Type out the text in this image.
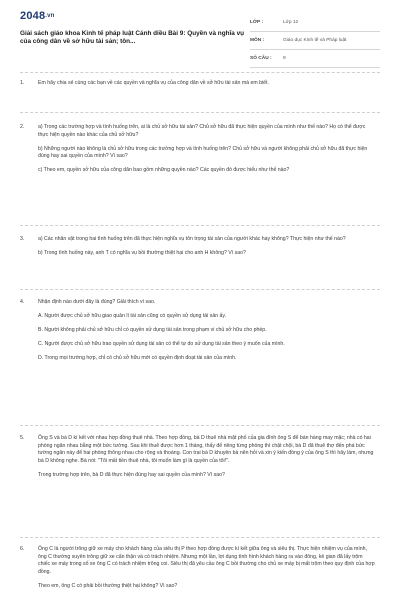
2048.vn
Giải sách giáo khoa Kinh tế pháp luật Cánh diều Bài 9: Quyền và nghĩa vụ của công dân về sở hữu tài sản; tôn...
LỚP :	Lớp 12
MÔN :	Giáo dục Kinh tế và Pháp luật
SỐ CÂU :	9
1.	Em hãy chia sẻ cùng các bạn về các quyền và nghĩa vụ của công dân về sở hữu tài sản mà em biết.

2.	a) Trong các trường hợp và tình huống trên, ai là chủ sở hữu tài sản? Chủ sở hữu đã thực hiện quyền của mình như thế nào? Họ có thể được thực hiện quyền nào khác của chủ sở hữu?

b) Những người nào không là chủ sở hữu trong các trường hợp và tình huống trên? Chủ sở hữu và người không phải chủ sở hữu đã thực hiện đúng hay sai quyền của mình? Vì sao?

c) Theo em, quyền sở hữu của công dân bao gồm những quyền nào? Các quyền đó được hiểu như thế nào?

3.	a) Các nhân vật trong hai tình huống trên đã thực hiện nghĩa vụ tôn trọng tài sản của người khác hay không? Thực hiện như thế nào?

b) Trong tình huống này, anh T có nghĩa vụ bồi thường thiệt hại cho anh H không? Vì sao?

4.	Nhận định nào dưới đây là đúng? Giải thích vì sao.

A. Người được chủ sở hữu giao quản lí tài sản cũng có quyền sử dụng tài sản ấy.

B. Người không phải chủ sở hữu chỉ có quyền sử dụng tài sản trong phạm vi chủ sở hữu cho phép.

C. Người được chủ sở hữu trao quyền sử dụng tài sản có thể tự do sử dụng tài sản theo ý muốn của mình.

D. Trong mọi trường hợp, chỉ có chủ sở hữu mới có quyền định đoạt tài sản của mình.

5.	Ông S và bà D kí kết với nhau hợp đồng thuê nhà. Theo hợp đồng, bà D thuê nhà mặt phố của gia đình ông S để bán hàng may mặc; nhà có hai phòng ngăn nhau bằng một bức tường. Sau khi thuê được hơn 1 tháng, thấy để riêng từng phòng thì chật chội, bà D đã thuê thợ đến phá bức tường ngăn này để hai phòng thông nhau cho rộng và thoáng. Con trai bà D khuyên bà nên hỏi và xin ý kiến đồng ý của ông S thì hãy làm, nhưng bà D không nghe. Bà nói: "Tôi mất tiền thuê nhà, tôi muốn làm gì là quyền của tôi!".

Trong trường hợp trên, bà D đã thực hiện đúng hay sai quyền của mình? Vì sao?

6.	Ông C là người trông giữ xe máy cho khách hàng của siêu thị P theo hợp đồng được kí kết giữa ông và siêu thị. Thực hiện nhiệm vụ của mình, ông C thường xuyên trông giữ xe cẩn thận và có trách nhiệm. Nhưng một lần, lợi dụng tình hình khách hàng ra vào đông, kẻ gian đã lấy trộm chiếc xe máy trong số xe ông C có trách nhiệm trông coi. Siêu thị đã yêu cầu ông C bồi thường cho chủ xe máy bị mất trộm theo quy định của hợp đồng.

Theo em, ông C có phải bồi thường thiệt hại không? Vì sao?
